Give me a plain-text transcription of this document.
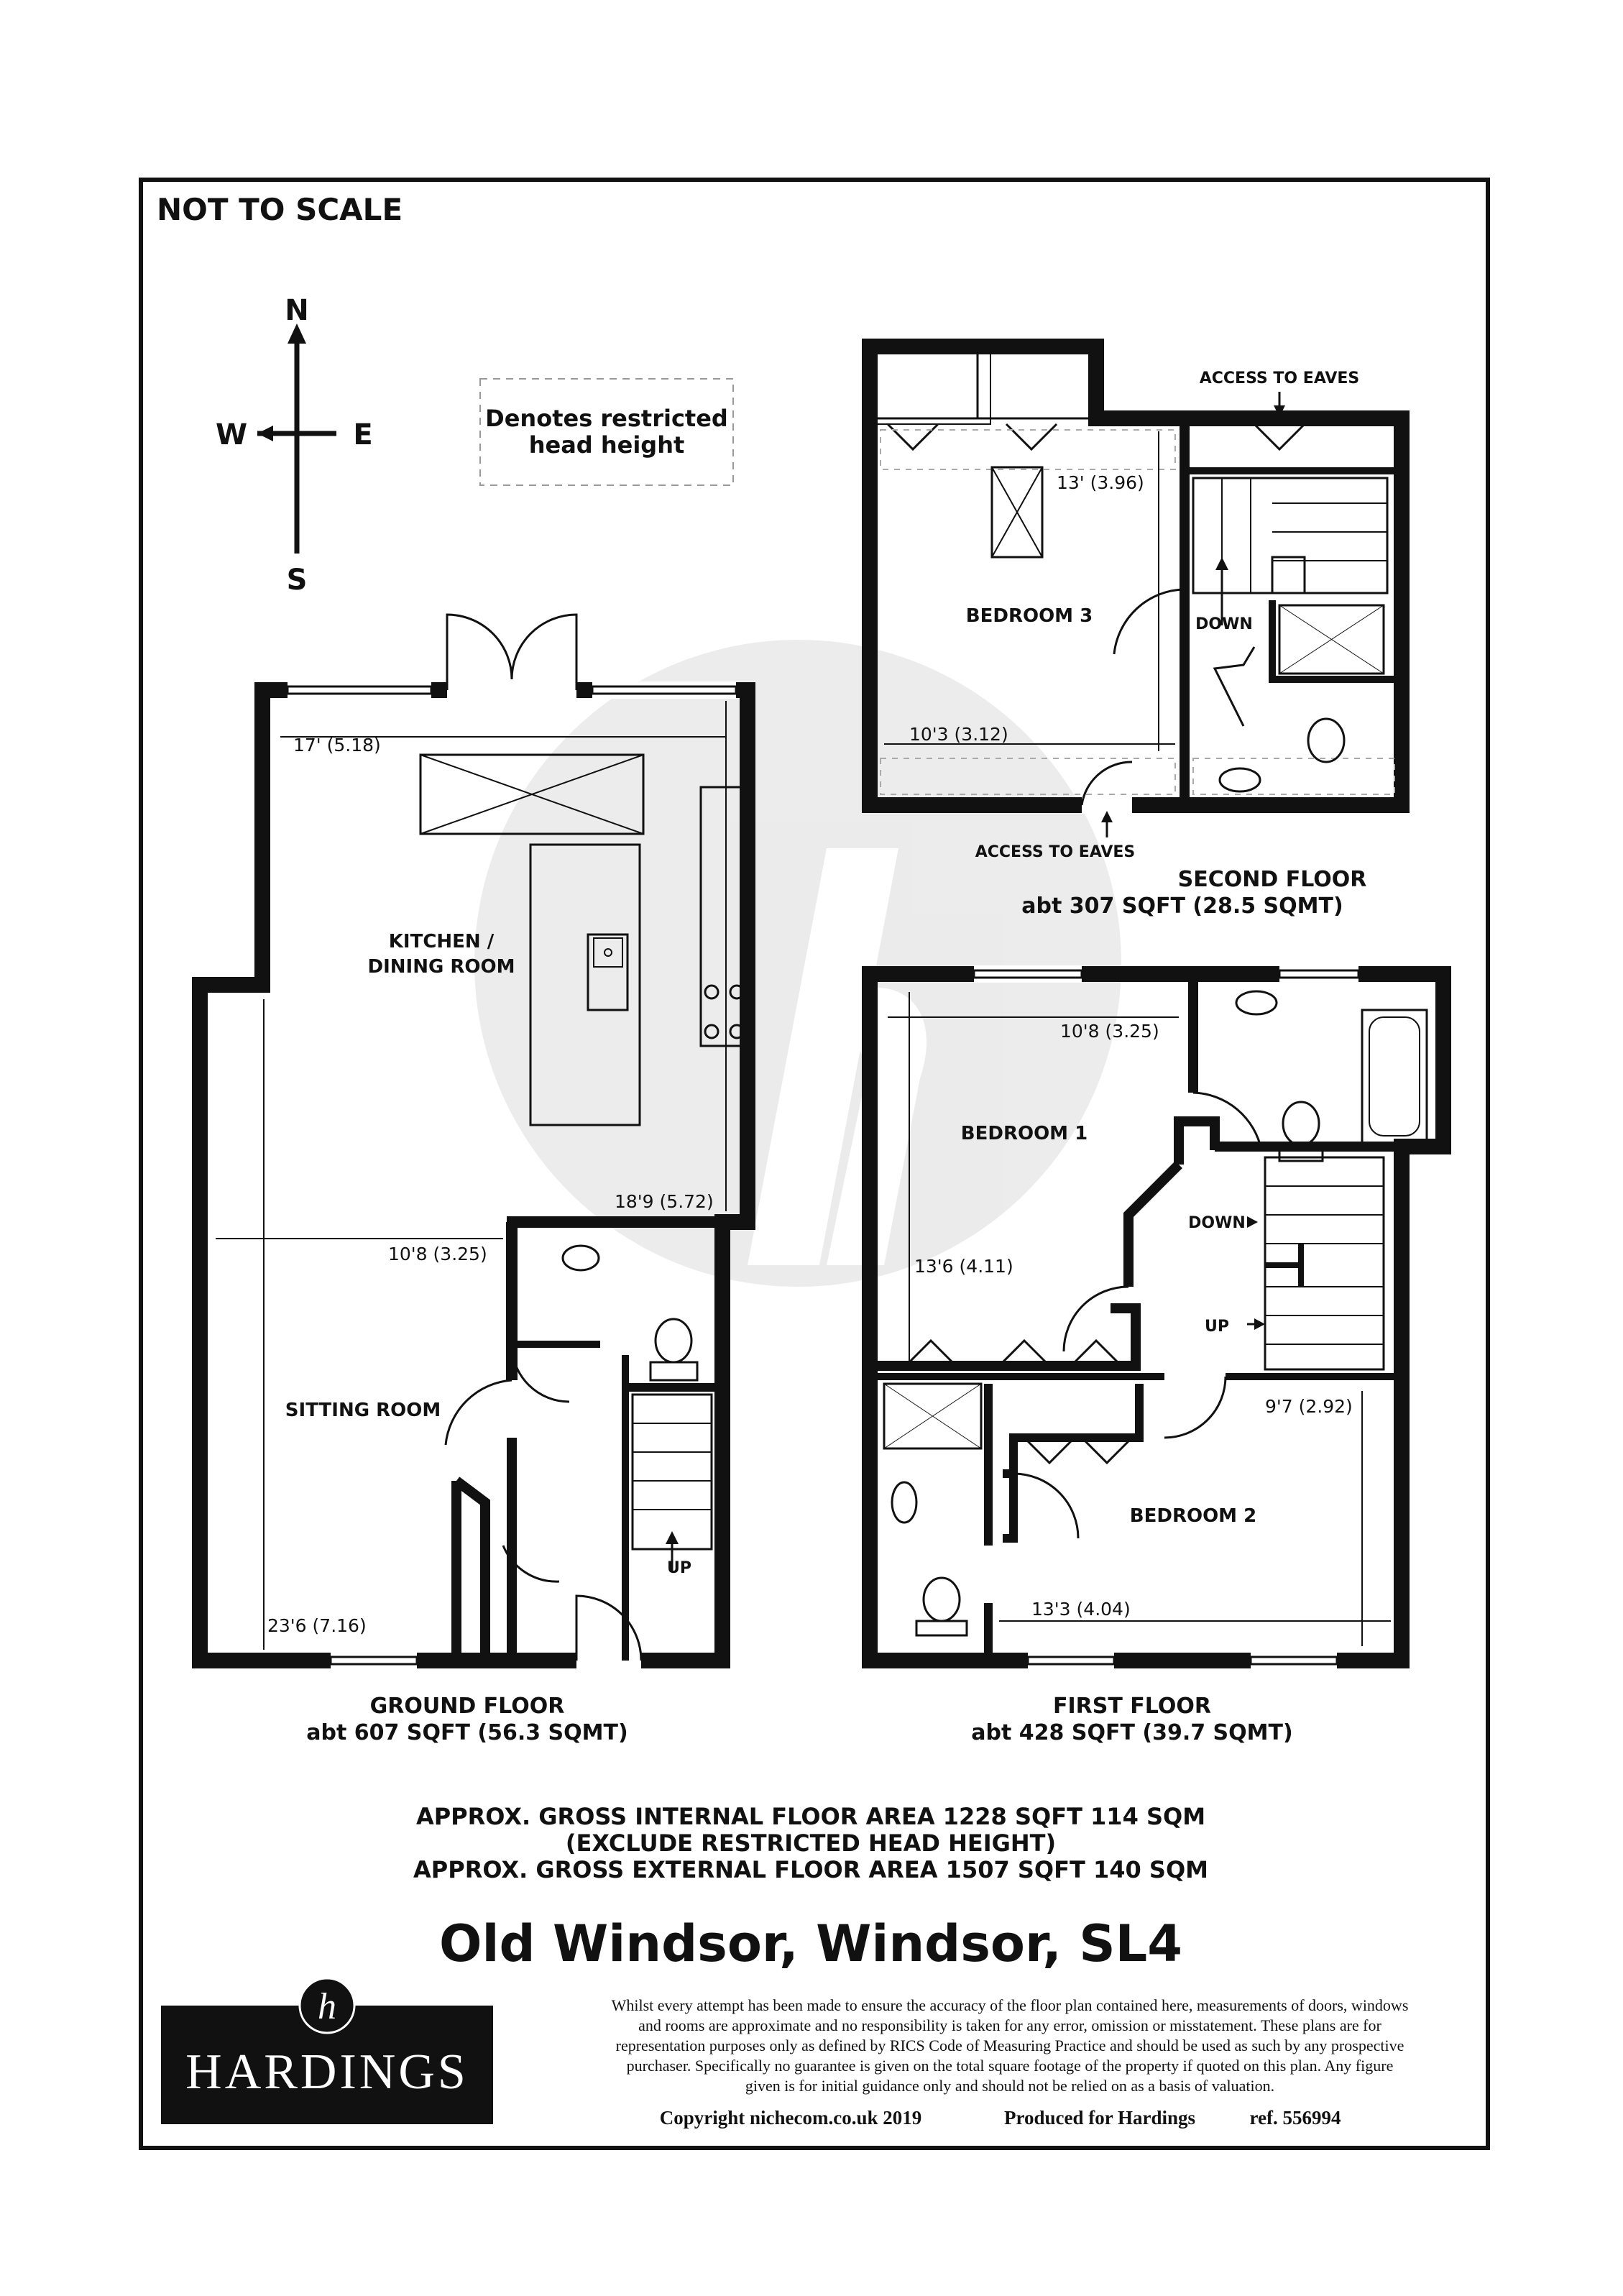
NOT TO SCALE
N
S
E
W	Denotes restricted
head height
KITCHEN /
DINING ROOM
SITTING ROOM
UP
17' (5.18)
18'9 (5.72)
10'8 (3.25)
23'6 (7.16)
GROUND FLOOR
abt 607 SQFT (56.3 SQMT)
BEDROOM 3	DOWN
ACCESS TO EAVES
ACCESS TO EAVES
13' (3.96)
10'3 (3.12)
SECOND FLOOR
abt 307 SQFT (28.5 SQMT)
BEDROOM 1
BEDROOM 2
DOWN
UP
10'8 (3.25)
13'6 (4.11)
13'3 (4.04)
9'7 (2.92)
FIRST FLOOR
abt 428 SQFT (39.7 SQMT)
APPROX. GROSS INTERNAL FLOOR AREA 1228 SQFT 114 SQM
(EXCLUDE RESTRICTED HEAD HEIGHT)
APPROX. GROSS EXTERNAL FLOOR AREA 1507 SQFT 140 SQM
Old Windsor, Windsor, SL4
h
HARDINGS
Whilst every attempt has been made to ensure the accuracy of the floor plan contained here, measurements of doors, windows
and rooms are approximate and no responsibility is taken for any error, omission or misstatement. These plans are for
representation purposes only as defined by RICS Code of Measuring Practice and should be used as such by any prospective
purchaser. Specifically no guarantee is given on the total square footage of the property if quoted on this plan. Any figure
given is for initial guidance only and should not be relied on as a basis of valuation.
Copyright nichecom.co.uk 2019	Produced for Hardings	ref. 556994
